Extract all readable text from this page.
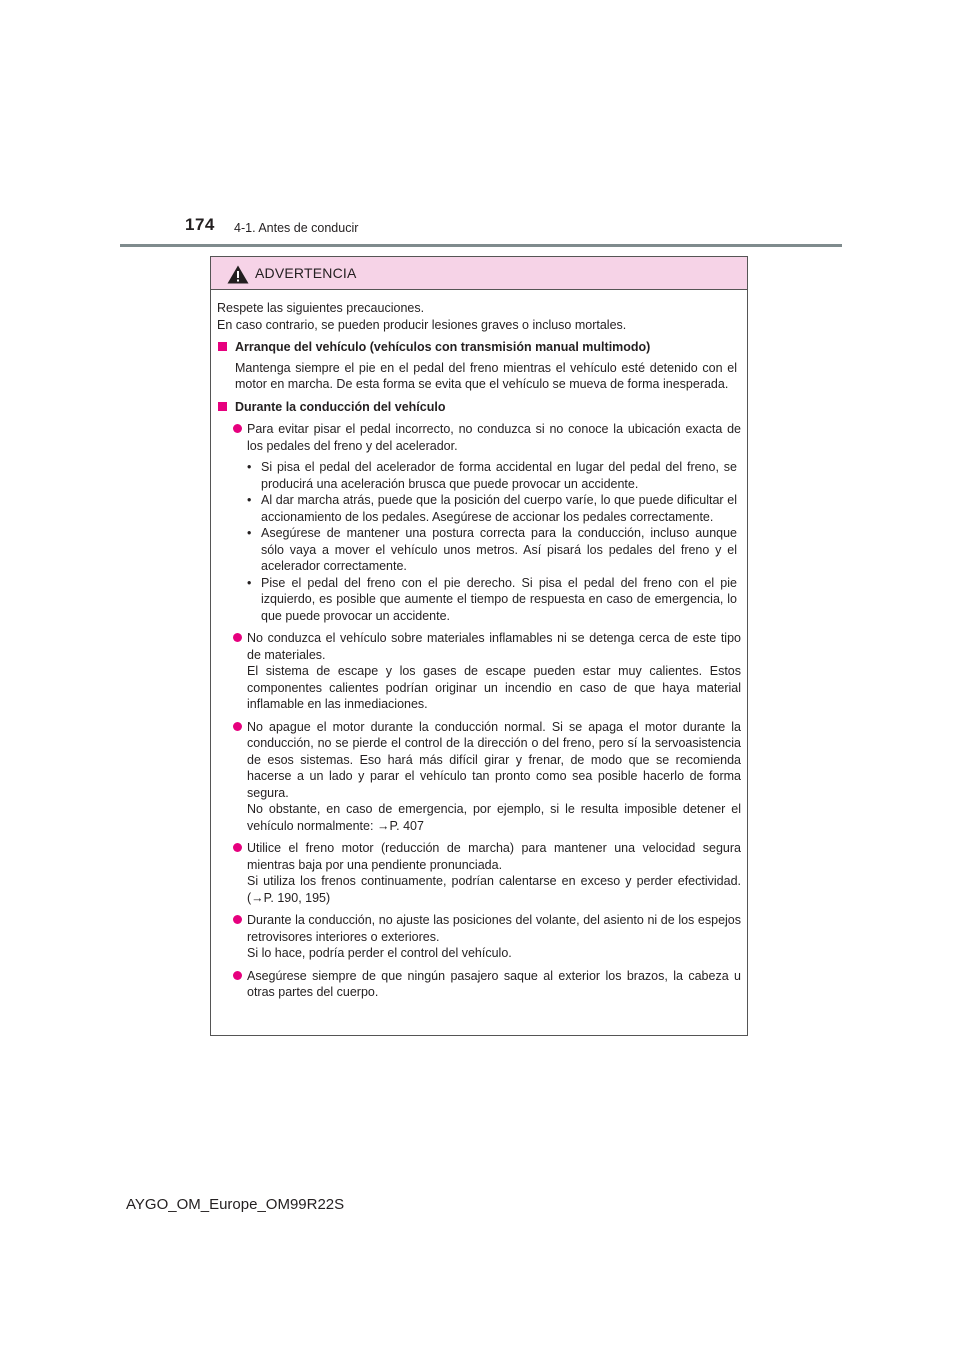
174 4-1. Antes de conducir
ADVERTENCIA

Respete las siguientes precauciones.

En caso contrario, se pueden producir lesiones graves o incluso mortales.

Arranque del vehículo (vehículos con transmisión manual multimodo)
Mantenga siempre el pie en el pedal del freno mientras el vehículo esté detenido con el motor en marcha. De esta forma se evita que el vehículo se mueva de forma inesperada.
Durante la conducción del vehículo
Para evitar pisar el pedal incorrecto, no conduzca si no conoce la ubicación exacta de los pedales del freno y del acelerador.
• Si pisa el pedal del acelerador de forma accidental en lugar del pedal del freno, se producirá una aceleración brusca que puede provocar un accidente.
• Al dar marcha atrás, puede que la posición del cuerpo varíe, lo que puede dificultar el accionamiento de los pedales. Asegúrese de accionar los pedales correctamente.
• Asegúrese de mantener una postura correcta para la conducción, incluso aunque sólo vaya a mover el vehículo unos metros. Así pisará los pedales del freno y el acelerador correctamente.
• Pise el pedal del freno con el pie derecho. Si pisa el pedal del freno con el pie izquierdo, es posible que aumente el tiempo de respuesta en caso de emergencia, lo que puede provocar un accidente.
No conduzca el vehículo sobre materiales inflamables ni se detenga cerca de este tipo de materiales.
El sistema de escape y los gases de escape pueden estar muy calientes. Estos componentes calientes podrían originar un incendio en caso de que haya material inflamable en las inmediaciones.
No apague el motor durante la conducción normal. Si se apaga el motor durante la conducción, no se pierde el control de la dirección o del freno, pero sí la servoasistencia de esos sistemas. Eso hará más difícil girar y frenar, de modo que se recomienda hacerse a un lado y parar el vehículo tan pronto como sea posible hacerlo de forma segura.
No obstante, en caso de emergencia, por ejemplo, si le resulta imposible detener el vehículo normalmente: →P. 407
Utilice el freno motor (reducción de marcha) para mantener una velocidad segura mientras baja por una pendiente pronunciada.
Si utiliza los frenos continuamente, podrían calentarse en exceso y perder efectividad. (→P. 190, 195)
Durante la conducción, no ajuste las posiciones del volante, del asiento ni de los espejos retrovisores interiores o exteriores.
Si lo hace, podría perder el control del vehículo.
Asegúrese siempre de que ningún pasajero saque al exterior los brazos, la cabeza u otras partes del cuerpo.
AYGO_OM_Europe_OM99R22S
